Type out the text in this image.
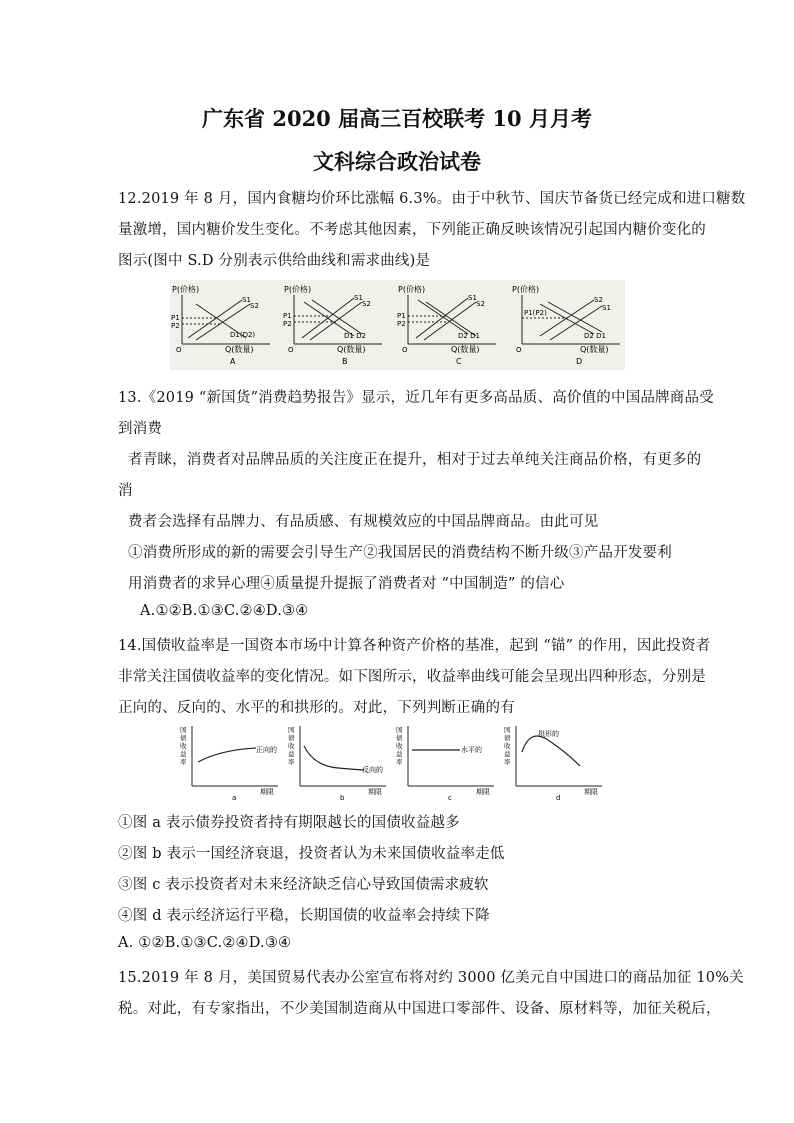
广东省 2020 届高三百校联考 10 月月考
文科综合政治试卷
12.2019 年 8 月，国内食糖均价环比涨幅 6.3%。由于中秋节、国庆节备货已经完成和进口糖数
量激增，国内糖价发生变化。不考虑其他因素，下列能正确反映该情况引起国内糖价变化的
图示(图中 S.D 分别表示供给曲线和需求曲线)是
P(价格)
O	Q(数量)
P1
P2
S1
S2
D1(D2)
A
P(价格)
O	Q(数量)
P1
P2
S1
S2
D1 D2
B
P(价格)
O	Q(数量)
P1
P2
S1
S2
D2 D1
C
P(价格)
O	Q(数量)
P1(P2)
S2
S1
D2 D1
D
13.《2019 “新国货”消费趋势报告》显示，近几年有更多高品质、高价值的中国品牌商品受
到消费
者青睐，消费者对品牌品质的关注度正在提升，相对于过去单纯关注商品价格，有更多的
消
费者会选择有品牌力、有品质感、有规模效应的中国品牌商品。由此可见
①消费所形成的新的需要会引导生产②我国居民的消费结构不断升级③产品开发要利
用消费者的求异心理④质量提升提振了消费者对 “中国制造” 的信心
A.①②B.①③C.②④D.③④
14.国债收益率是一国资本市场中计算各种资产价格的基准，起到 “锚” 的作用，因此投资者
非常关注国债收益率的变化情况。如下图所示，收益率曲线可能会呈现出四种形态，分别是
正向的、反向的、水平的和拱形的。对此，下列判断正确的有
国债收益率
正向的
期限
a
国债收益率
反向的
期限
b
国债收益率
水平的
期限
c
国债收益率
拱形的
期限
d
①图 a 表示债券投资者持有期限越长的国债收益越多
②图 b 表示一国经济衰退，投资者认为未来国债收益率走低
③图 c 表示投资者对未来经济缺乏信心导致国债需求疲软
④图 d 表示经济运行平稳，长期国债的收益率会持续下降
A. ①②B.①③C.②④D.③④
15.2019 年 8 月，美国贸易代表办公室宣布将对约 3000 亿美元自中国进口的商品加征 10%关
税。对此，有专家指出，不少美国制造商从中国进口零部件、设备、原材料等，加征关税后，
